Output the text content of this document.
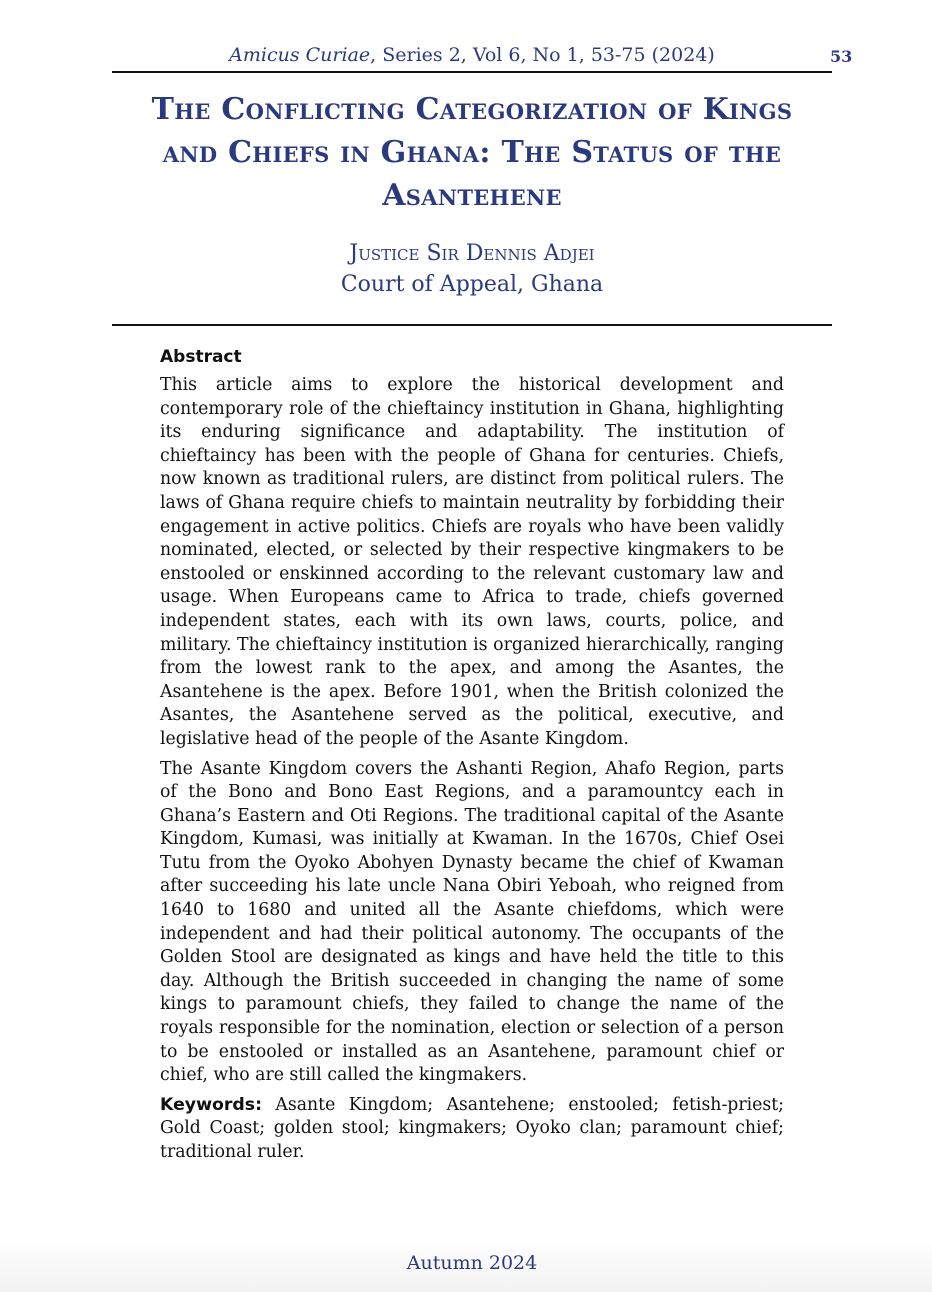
Amicus Curiae, Series 2, Vol 6, No 1, 53-75 (2024)	53
The Conflicting Categorization of Kings
and Chiefs in Ghana: The Status of the
Asantehene
Justice Sir Dennis Adjei
Court of Appeal, Ghana
Abstract

This article aims to explore the historical development and contemporary role of the chieftaincy institution in Ghana, highlighting its enduring significance and adaptability. The institution of chieftaincy has been with the people of Ghana for centuries. Chiefs, now known as traditional rulers, are distinct from political rulers. The laws of Ghana require chiefs to maintain neutrality by forbidding their engagement in active politics. Chiefs are royals who have been validly nominated, elected, or selected by their respective kingmakers to be enstooled or enskinned according to the relevant customary law and usage. When Europeans came to Africa to trade, chiefs governed independent states, each with its own laws, courts, police, and military. The chieftaincy institution is organized hierarchically, ranging from the lowest rank to the apex, and among the Asantes, the Asantehene is the apex. Before 1901, when the British colonized the Asantes, the Asantehene served as the political, executive, and legislative head of the people of the Asante Kingdom.

The Asante Kingdom covers the Ashanti Region, Ahafo Region, parts of the Bono and Bono East Regions, and a paramountcy each in Ghana’s Eastern and Oti Regions. The traditional capital of the Asante Kingdom, Kumasi, was initially at Kwaman. In the 1670s, Chief Osei Tutu from the Oyoko Abohyen Dynasty became the chief of Kwaman after succeeding his late uncle Nana Obiri Yeboah, who reigned from 1640 to 1680 and united all the Asante chiefdoms, which were independent and had their political autonomy. The occupants of the Golden Stool are designated as kings and have held the title to this day. Although the British succeeded in changing the name of some kings to paramount chiefs, they failed to change the name of the royals responsible for the nomination, election or selection of a person to be enstooled or installed as an Asantehene, paramount chief or chief, who are still called the kingmakers.

Keywords: Asante Kingdom; Asantehene; enstooled; fetish-priest; Gold Coast; golden stool; kingmakers; Oyoko clan; paramount chief; traditional ruler.

Autumn 2024
